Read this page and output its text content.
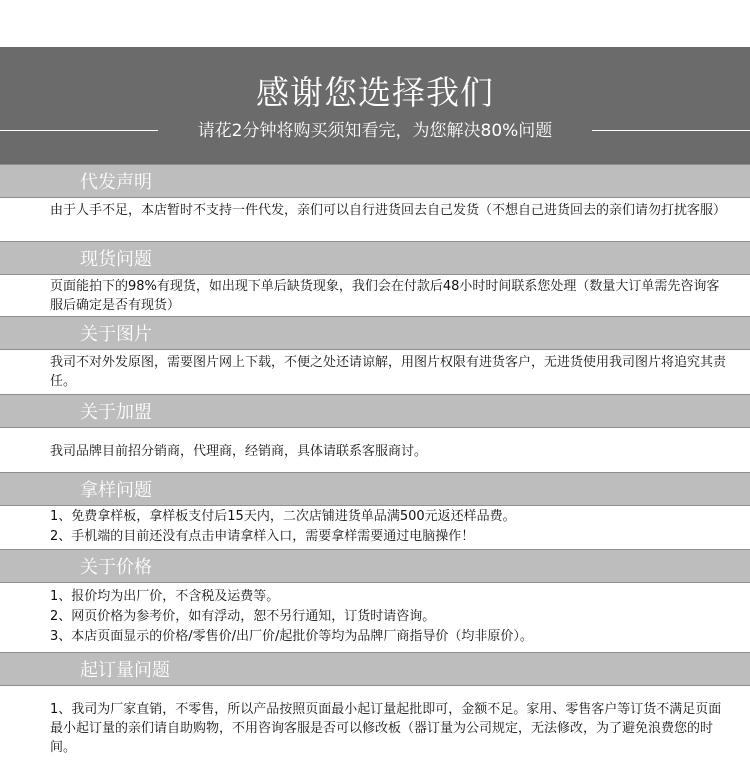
感谢您选择我们
请花2分钟将购买须知看完，为您解决80%问题
代发声明

由于人手不足，本店暂时不支持一件代发，亲们可以自行进货回去自己发货（不想自己进货回去的亲们请勿打扰客服）

现货问题

页面能拍下的98%有现货，如出现下单后缺货现象，我们会在付款后48小时时间联系您处理（数量大订单需先咨询客服后确定是否有现货）

关于图片

我司不对外发原图，需要图片网上下载，不便之处还请谅解，用图片权限有进货客户，无进货使用我司图片将追究其责任。

关于加盟

我司品牌目前招分销商，代理商，经销商，具体请联系客服商讨。

拿样问题

1、免费拿样板，拿样板支付后15天内，二次店铺进货单品满500元返还样品费。

2、手机端的目前还没有点击申请拿样入口，需要拿样需要通过电脑操作！

关于价格

1、报价均为出厂价，不含税及运费等。

2、网页价格为参考价，如有浮动，恕不另行通知，订货时请咨询。

3、本店页面显示的价格/零售价/出厂价/起批价等均为品牌厂商指导价（均非原价）。

起订量问题

1、我司为厂家直销，不零售，所以产品按照页面最小起订量起批即可，金额不足。家用、零售客户等订货不满足页面最小起订量的亲们请自助购物，不用咨询客服是否可以修改板（器订量为公司规定，无法修改，为了避免浪费您的时间。
